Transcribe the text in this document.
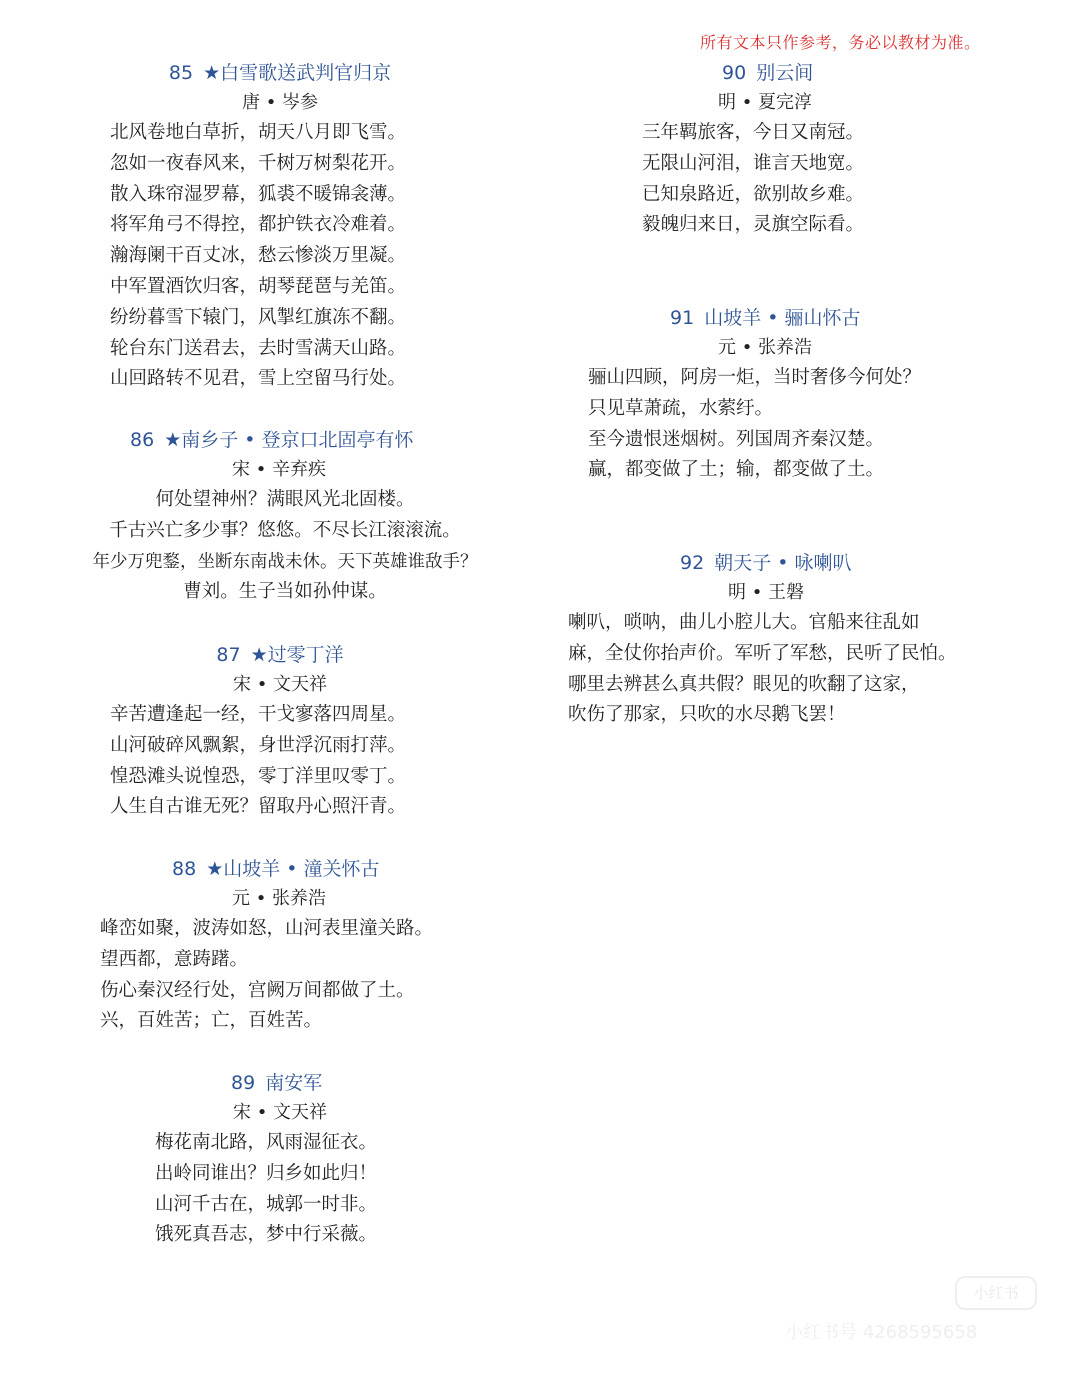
所有文本只作参考，务必以教材为准。
85 ★白雪歌送武判官归京
唐 • 岑参
北风卷地白草折，胡天八月即飞雪。
忽如一夜春风来，千树万树梨花开。
散入珠帘湿罗幕，狐裘不暖锦衾薄。
将军角弓不得控，都护铁衣冷难着。
瀚海阑干百丈冰，愁云惨淡万里凝。
中军置酒饮归客，胡琴琵琶与羌笛。
纷纷暮雪下辕门，风掣红旗冻不翻。
轮台东门送君去，去时雪满天山路。
山回路转不见君，雪上空留马行处。
86 ★南乡子 • 登京口北固亭有怀
宋 • 辛弃疾
何处望神州？满眼风光北固楼。
千古兴亡多少事？悠悠。不尽长江滚滚流。
年少万兜鍪，坐断东南战未休。天下英雄谁敌手？
曹刘。生子当如孙仲谋。
87 ★过零丁洋
宋 • 文天祥
辛苦遭逢起一经，干戈寥落四周星。
山河破碎风飘絮，身世浮沉雨打萍。
惶恐滩头说惶恐，零丁洋里叹零丁。
人生自古谁无死？留取丹心照汗青。
88 ★山坡羊 • 潼关怀古
元 • 张养浩
峰峦如聚，波涛如怒，山河表里潼关路。
望西都，意踌躇。
伤心秦汉经行处，宫阙万间都做了土。
兴，百姓苦；亡，百姓苦。
89 南安军
宋 • 文天祥
梅花南北路，风雨湿征衣。
出岭同谁出？归乡如此归！
山河千古在，城郭一时非。
饿死真吾志，梦中行采薇。
90 别云间
明 • 夏完淳
三年羁旅客，今日又南冠。
无限山河泪，谁言天地宽。
已知泉路近，欲别故乡难。
毅魄归来日，灵旗空际看。
91 山坡羊 • 骊山怀古
元 • 张养浩
骊山四顾，阿房一炬，当时奢侈今何处？
只见草萧疏，水萦纡。
至今遗恨迷烟树。列国周齐秦汉楚。
赢，都变做了土；输，都变做了土。
92 朝天子 • 咏喇叭
明 • 王磐
喇叭，唢呐，曲儿小腔儿大。官船来往乱如
麻，全仗你抬声价。军听了军愁，民听了民怕。
哪里去辨甚么真共假？眼见的吹翻了这家，
吹伤了那家，只吹的水尽鹅飞罢！
小红书
小红书号 4268595658
